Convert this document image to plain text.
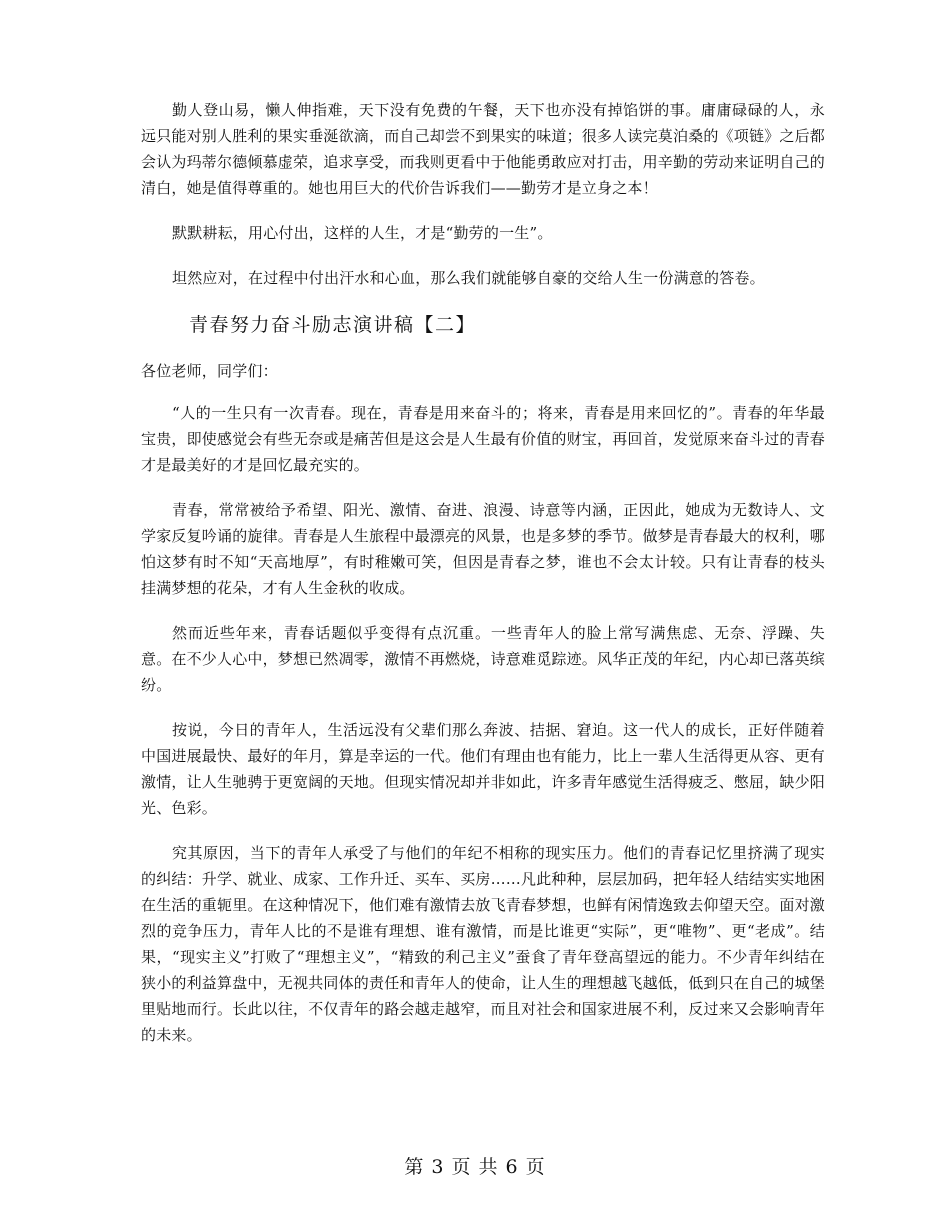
勤人登山易，懒人伸指难，天下没有免费的午餐，天下也亦没有掉馅饼的事。庸庸碌碌的人，永远只能对别人胜利的果实垂涎欲滴，而自己却尝不到果实的味道；很多人读完莫泊桑的《项链》之后都会认为玛蒂尔德倾慕虚荣，追求享受，而我则更看中于他能勇敢应对打击，用辛勤的劳动来证明自己的清白，她是值得尊重的。她也用巨大的代价告诉我们——勤劳才是立身之本！

默默耕耘，用心付出，这样的人生，才是“勤劳的一生”。

坦然应对，在过程中付出汗水和心血，那么我们就能够自豪的交给人生一份满意的答卷。

青春努力奋斗励志演讲稿【二】

各位老师，同学们：

“人的一生只有一次青春。现在，青春是用来奋斗的；将来，青春是用来回忆的”。青春的年华最宝贵，即使感觉会有些无奈或是痛苦但是这会是人生最有价值的财宝，再回首，发觉原来奋斗过的青春才是最美好的才是回忆最充实的。

青春，常常被给予希望、阳光、激情、奋进、浪漫、诗意等内涵，正因此，她成为无数诗人、文学家反复吟诵的旋律。青春是人生旅程中最漂亮的风景，也是多梦的季节。做梦是青春最大的权利，哪怕这梦有时不知“天高地厚”，有时稚嫩可笑，但因是青春之梦，谁也不会太计较。只有让青春的枝头挂满梦想的花朵，才有人生金秋的收成。

然而近些年来，青春话题似乎变得有点沉重。一些青年人的脸上常写满焦虑、无奈、浮躁、失意。在不少人心中，梦想已然凋零，激情不再燃烧，诗意难觅踪迹。风华正茂的年纪，内心却已落英缤纷。

按说，今日的青年人，生活远没有父辈们那么奔波、拮据、窘迫。这一代人的成长，正好伴随着中国进展最快、最好的年月，算是幸运的一代。他们有理由也有能力，比上一辈人生活得更从容、更有激情，让人生驰骋于更宽阔的天地。但现实情况却并非如此，许多青年感觉生活得疲乏、憋屈，缺少阳光、色彩。

究其原因，当下的青年人承受了与他们的年纪不相称的现实压力。他们的青春记忆里挤满了现实的纠结：升学、就业、成家、工作升迁、买车、买房……凡此种种，层层加码，把年轻人结结实实地困在生活的重轭里。在这种情况下，他们难有激情去放飞青春梦想，也鲜有闲情逸致去仰望天空。面对激烈的竞争压力，青年人比的不是谁有理想、谁有激情，而是比谁更“实际”，更“唯物”、更“老成”。结果，“现实主义”打败了“理想主义”，“精致的利己主义”蚕食了青年登高望远的能力。不少青年纠结在狭小的利益算盘中，无视共同体的责任和青年人的使命，让人生的理想越飞越低，低到只在自己的城堡里贴地而行。长此以往，不仅青年的路会越走越窄，而且对社会和国家进展不利，反过来又会影响青年的未来。

第 3 页 共 6 页
